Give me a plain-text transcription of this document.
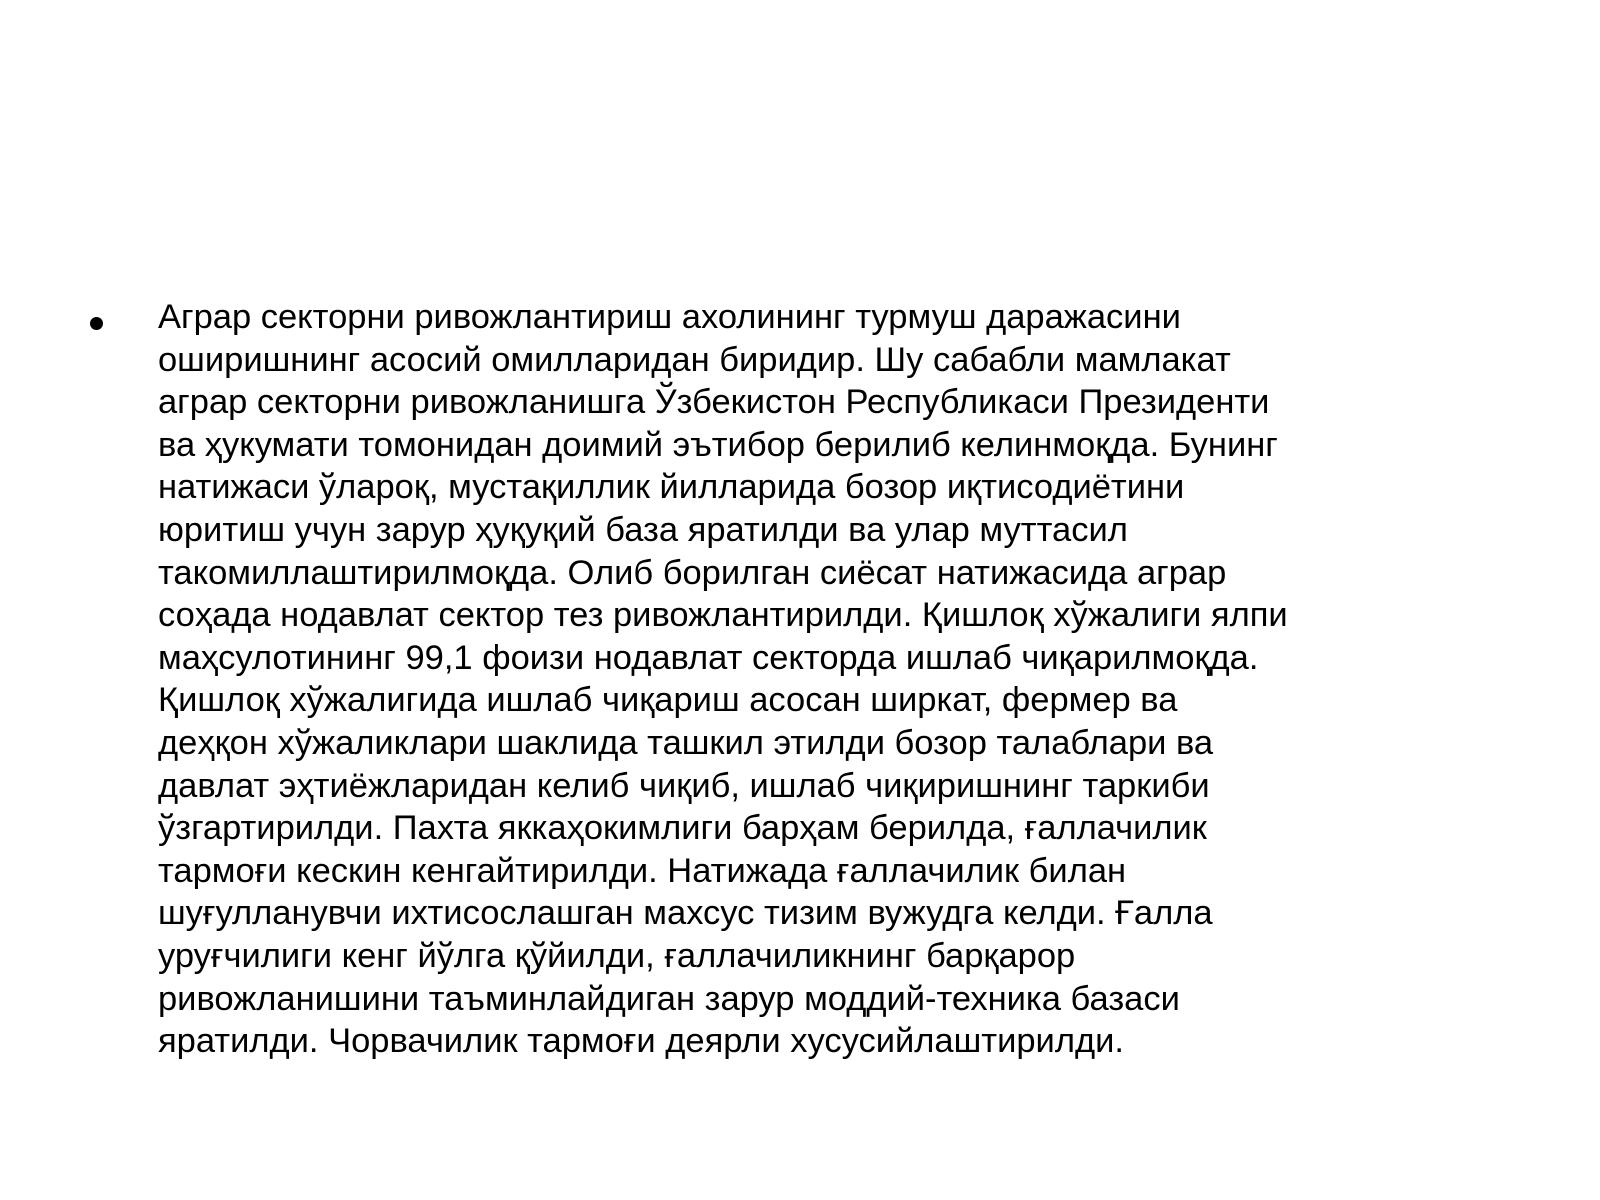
Аграр секторни ривожлантириш ахолининг турмуш даражасини
оширишнинг асосий омилларидан биридир. Шу сабабли мамлакат
аграр секторни ривожланишга Ўзбекистон Республикаси Президенти
ва ҳукумати томонидан доимий эътибор берилиб келинмоқда. Бунинг
натижаси ўлароқ, мустақиллик йилларида бозор иқтисодиётини
юритиш учун зарур ҳуқуқий база яратилди ва улар муттасил
такомиллаштирилмоқда. Олиб борилган сиёсат натижасида аграр
соҳада нодавлат сектор тез ривожлантирилди. Қишлоқ хўжалиги ялпи
маҳсулотининг 99,1 фоизи нодавлат секторда ишлаб чиқарилмоқда.
Қишлоқ хўжалигида ишлаб чиқариш асосан ширкат, фермер ва
деҳқон хўжаликлари шаклида ташкил этилди бозор талаблари ва
давлат эҳтиёжларидан келиб чиқиб, ишлаб чиқиришнинг таркиби
ўзгартирилди. Пахта яккаҳокимлиги барҳам берилда, ғаллачилик
тармоғи кескин кенгайтирилди. Натижада ғаллачилик билан
шуғулланувчи ихтисослашган махсус тизим вужудга келди. Ғалла
уруғчилиги кенг йўлга қўйилди, ғаллачиликнинг барқарор
ривожланишини таъминлайдиган зарур моддий-техника базаси
яратилди. Чорвачилик тармоғи деярли хусусийлаштирилди.
